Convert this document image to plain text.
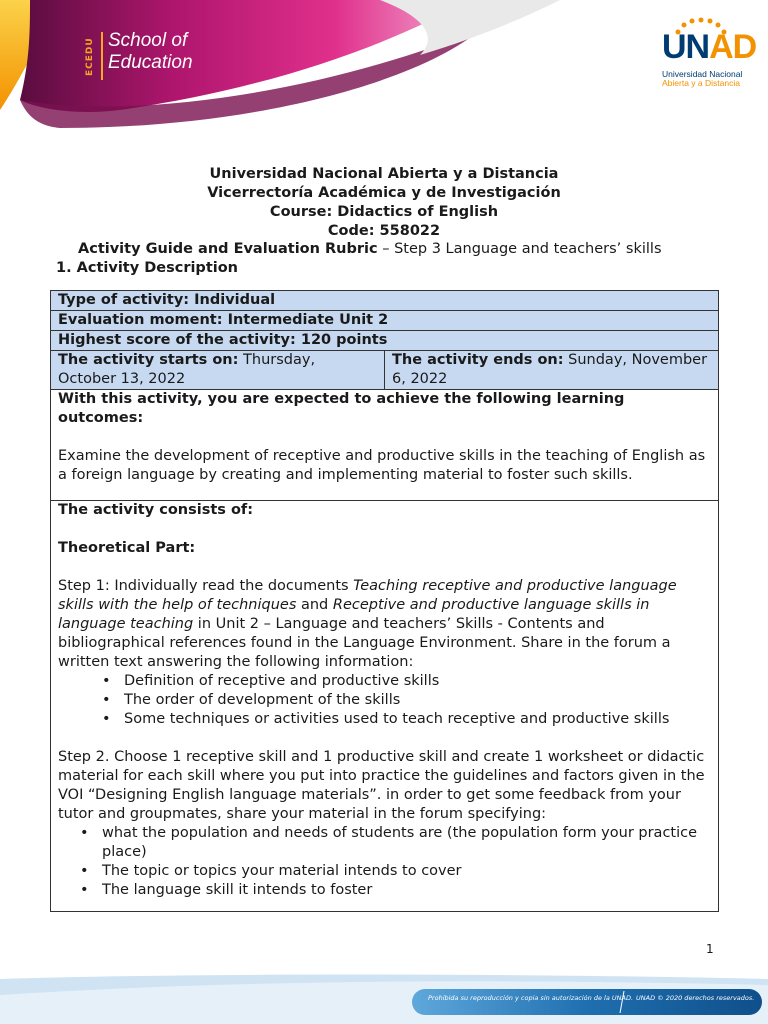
ECEDU School of
Education	UNAD
Universidad Nacional
Abierta y a Distancia
Universidad Nacional Abierta y a Distancia
Vicerrectoría Académica y de Investigación
Course: Didactics of English
Code: 558022
Activity Guide and Evaluation Rubric – Step 3 Language and teachers’ skills
1. Activity Description
Type of activity: Individual
Evaluation moment: Intermediate Unit 2
Highest score of the activity: 120 points
The activity starts on: Thursday, October 13, 2022	The activity ends on: Sunday, November 6, 2022

With this activity, you are expected to achieve the following learning outcomes:
Examine the development of receptive and productive skills in the teaching of English as a foreign language by creating and implementing material to foster such skills.

The activity consists of:
Theoretical Part:
Step 1: Individually read the documents Teaching receptive and productive language skills with the help of techniques and Receptive and productive language skills in language teaching in Unit 2 – Language and teachers’ Skills - Contents and bibliographical references found in the Language Environment. Share in the forum a written text answering the following information:
• Definition of receptive and productive skills
• The order of development of the skills
• Some techniques or activities used to teach receptive and productive skills
Step 2. Choose 1 receptive skill and 1 productive skill and create 1 worksheet or didactic material for each skill where you put into practice the guidelines and factors given in the VOI “Designing English language materials”. in order to get some feedback from your tutor and groupmates, share your material in the forum specifying:
• what the population and needs of students are (the population form your practice place)
• The topic or topics your material intends to cover
• The language skill it intends to foster
1
Prohibida su reproducción y copia sin autorización de la UNAD. UNAD © 2020 derechos reservados.
